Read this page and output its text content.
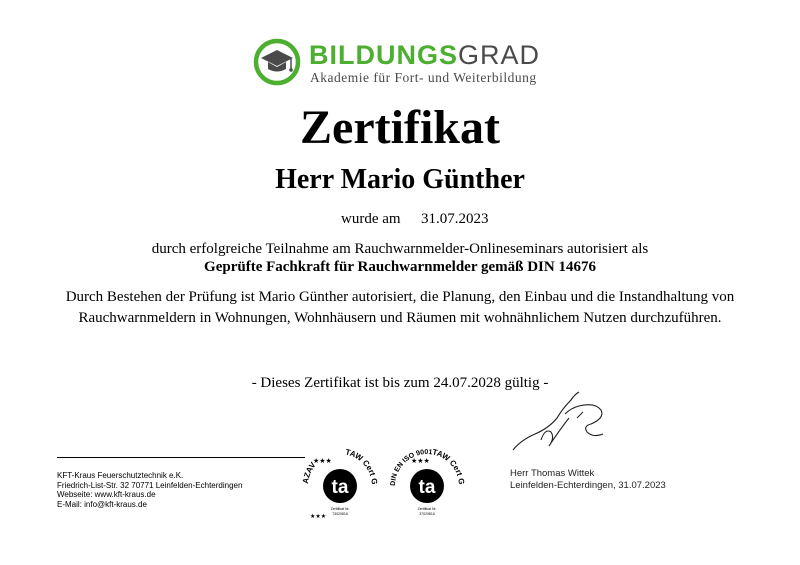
BILDUNGSGRAD
Akademie für Fort- und Weiterbildung
Zertifikat
Herr Mario Günther
wurde am 31.07.2023
durch erfolgreiche Teilnahme am Rauchwarnmelder-Onlineseminars autorisiert als
Geprüfte Fachkraft für Rauchwarnmelder gemäß DIN 14676
Durch Bestehen der Prüfung ist Mario Günther autorisiert, die Planung, den Einbau und die Instandhaltung von
Rauchwarnmeldern in Wohnungen, Wohnhäusern und Räumen mit wohnähnlichem Nutzen durchzuführen.
- Dieses Zertifikat ist bis zum 24.07.2028 gültig -
KFT-Kraus Feuerschutztechnik e.K.
Friedrich-List-Str. 32 70771 Leinfelden-Echterdingen
Webseite: www.kft-kraus.de
E-Mail: info@kft-kraus.de
AZAV
TAW Cert G
ta
★★★
★★★
Zertifikat Nr.
73020816
DIN EN ISO 9001
TAW Cert G
ta
★★★
Zertifikat Nr.
37020816
Herr Thomas Wittek
Leinfelden-Echterdingen, 31.07.2023
